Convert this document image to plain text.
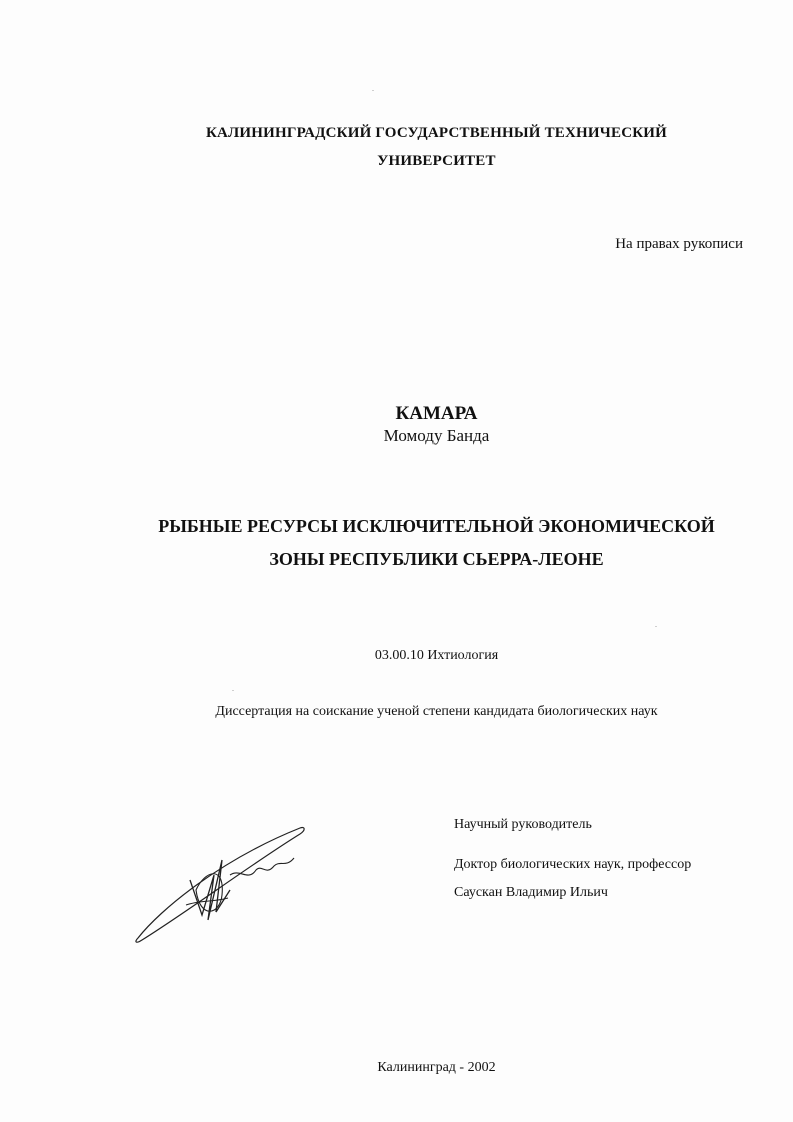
КАЛИНИНГРАДСКИЙ ГОСУДАРСТВЕННЫЙ ТЕХНИЧЕСКИЙ
УНИВЕРСИТЕТ
На правах рукописи
КАМАРА
Момоду Банда
РЫБНЫЕ РЕСУРСЫ ИСКЛЮЧИТЕЛЬНОЙ ЭКОНОМИЧЕСКОЙ
ЗОНЫ РЕСПУБЛИКИ СЬЕРРА-ЛЕОНЕ
03.00.10 Ихтиология
Диссертация на соискание ученой степени кандидата биологических наук
Научный руководитель
Доктор биологических наук, профессор
Саускан Владимир Ильич
Калининград - 2002
